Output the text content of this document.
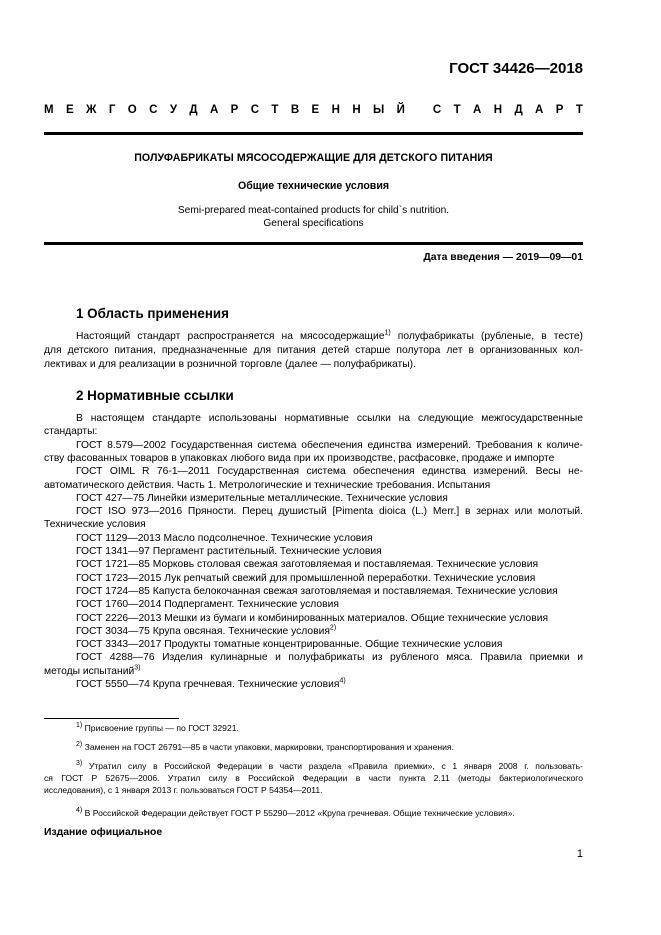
ГОСТ 34426—2018
М Е Ж Г О С У Д А Р С Т В Е Н Н Ы Й
С Т А Н Д А Р Т
ПОЛУФАБРИКАТЫ МЯСОСОДЕРЖАЩИЕ ДЛЯ ДЕТСКОГО ПИТАНИЯ
Общие технические условия
Semi-prepared meat-contained products for child`s nutrition.
General specifications
Дата введения — 2019—09—01
1 Область применения
Настоящий стандарт распространяется на мясосодержащие$^{1)}$ полуфабрикаты (рубленые, в тесте)
для детского питания, предназначенные для питания детей старше полутора лет в организованных кол-
лективах и для реализации в розничной торговле (далее — полуфабрикаты).
2 Нормативные ссылки
В настоящем стандарте использованы нормативные ссылки на следующие межгосударственные
стандарты:
ГОСТ 8.579—2002 Государственная система обеспечения единства измерений. Требования к количе-
ству фасованных товаров в упаковках любого вида при их производстве, расфасовке, продаже и импорте
ГОСТ OIML R 76-1—2011 Государственная система обеспечения единства измерений. Весы не-
автоматического действия. Часть 1. Метрологические и технические требования. Испытания
ГОСТ 427—75 Линейки измерительные металлические. Технические условия
ГОСТ ISO 973—2016 Пряности. Перец душистый [Pimenta dioica (L.) Merr.] в зернах или молотый.
Технические условия
ГОСТ 1129—2013 Масло подсолнечное. Технические условия
ГОСТ 1341—97 Пергамент растительный. Технические условия
ГОСТ 1721—85 Морковь столовая свежая заготовляемая и поставляемая. Технические условия
ГОСТ 1723—2015 Лук репчатый свежий для промышленной переработки. Технические условия
ГОСТ 1724—85 Капуста белокочанная свежая заготовляемая и поставляемая. Технические условия
ГОСТ 1760—2014 Подпергамент. Технические условия
ГОСТ 2226—2013 Мешки из бумаги и комбинированных материалов. Общие технические условия
ГОСТ 3034—75 Крупа овсяная. Технические условия$^{2)}$
ГОСТ 3343—2017 Продукты томатные концентрированные. Общие технические условия
ГОСТ 4288—76 Изделия кулинарные и полуфабрикаты из рубленого мяса. Правила приемки и
методы испытаний$^{3)}$
ГОСТ 5550—74 Крупа гречневая. Технические условия$^{4)}$
$^{1)}$ Присвоение группы — по ГОСТ 32921.
$^{2)}$ Заменен на ГОСТ 26791—85 в части упаковки, маркировки, транспортирования и хранения.
$^{3)}$ Утратил силу в Российской Федерации в части раздела «Правила приемки», с 1 января 2008 г. пользовать-
ся ГОСТ Р 52675—2006. Утратил силу в Российской Федерации в части пункта 2.11 (методы бактериологического
исследования), с 1 января 2013 г. пользоваться ГОСТ Р 54354—2011.
$^{4)}$ В Российской Федерации действует ГОСТ Р 55290—2012 «Крупа гречневая. Общие технические условия».
Издание официальное
1
